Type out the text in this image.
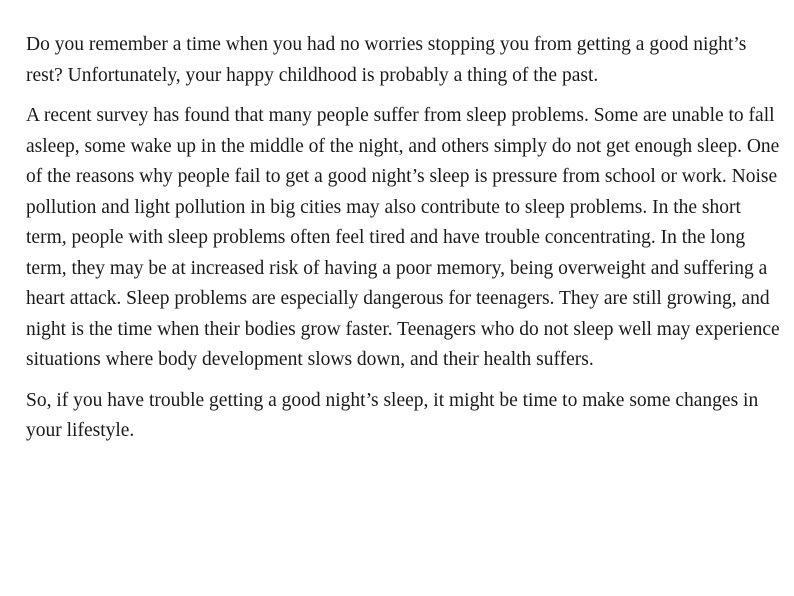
Do you remember a time when you had no worries stopping you from getting a good night’s rest? Unfortunately, your happy childhood is probably a thing of the past.

A recent survey has found that many people suffer from sleep problems. Some are unable to fall asleep, some wake up in the middle of the night, and others simply do not get enough sleep. One of the reasons why people fail to get a good night’s sleep is pressure from school or work. Noise pollution and light pollution in big cities may also contribute to sleep problems. In the short term, people with sleep problems often feel tired and have trouble concentrating. In the long term, they may be at increased risk of having a poor memory, being overweight and suffering a heart attack. Sleep problems are especially dangerous for teenagers. They are still growing, and night is the time when their bodies grow faster. Teenagers who do not sleep well may experience situations where body development slows down, and their health suffers.

So, if you have trouble getting a good night’s sleep, it might be time to make some changes in your lifestyle.
